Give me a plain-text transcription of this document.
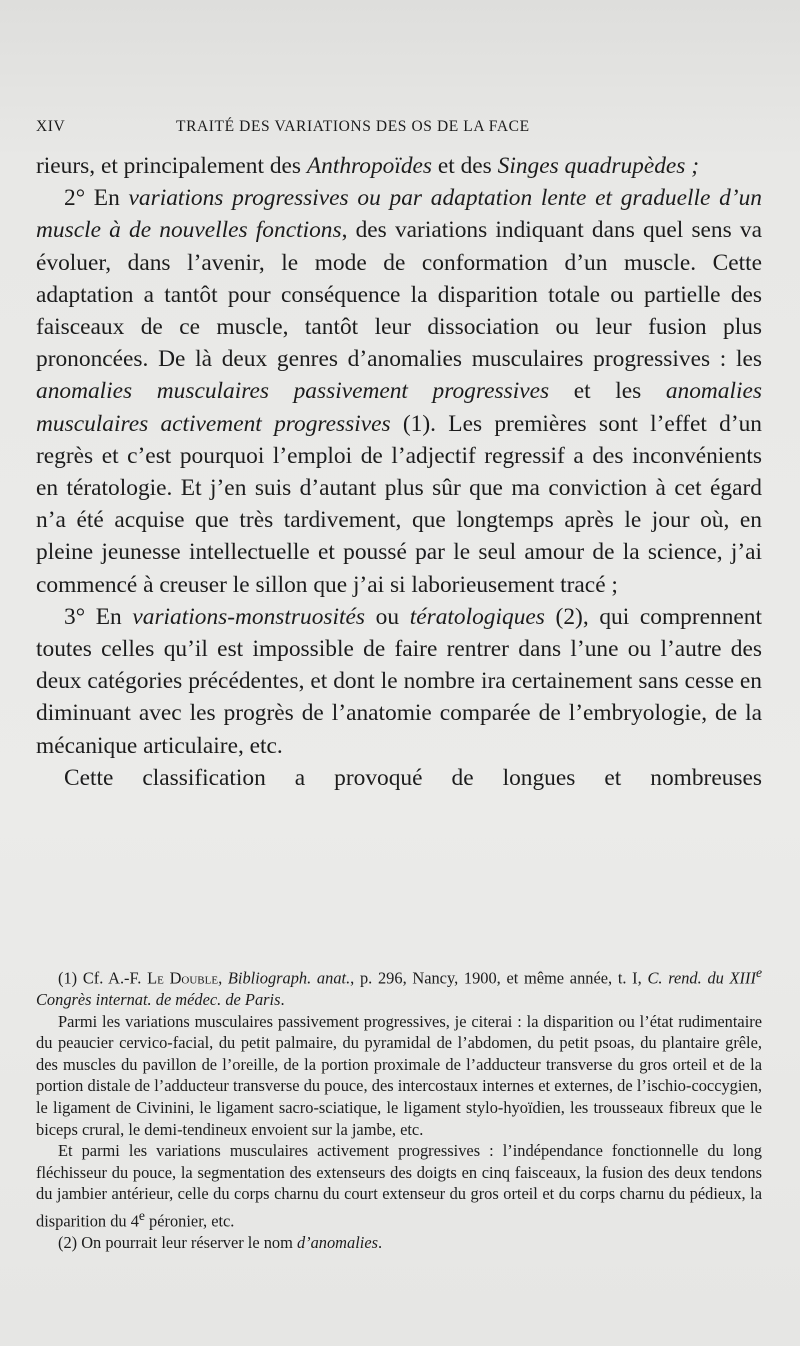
XIV	TRAITÉ DES VARIATIONS DES OS DE LA FACE

rieurs, et principalement des Anthropoïdes et des Singes quadrupèdes ;

2° En variations progressives ou par adaptation lente et graduelle d’un muscle à de nouvelles fonctions, des variations indiquant dans quel sens va évoluer, dans l’avenir, le mode de conformation d’un muscle. Cette adaptation a tantôt pour conséquence la disparition totale ou partielle des faisceaux de ce muscle, tantôt leur dissociation ou leur fusion plus prononcées. De là deux genres d’anomalies musculaires progressives : les anomalies musculaires passivement progressives et les anomalies musculaires activement progressives (1). Les premières sont l’effet d’un regrès et c’est pourquoi l’emploi de l’adjectif regressif a des inconvénients en tératologie. Et j’en suis d’autant plus sûr que ma conviction à cet égard n’a été acquise que très tardivement, que longtemps après le jour où, en pleine jeunesse intellectuelle et poussé par le seul amour de la science, j’ai commencé à creuser le sillon que j’ai si laborieusement tracé ;

3° En variations-monstruosités ou tératologiques (2), qui comprennent toutes celles qu’il est impossible de faire rentrer dans l’une ou l’autre des deux catégories précédentes, et dont le nombre ira certainement sans cesse en diminuant avec les progrès de l’anatomie comparée de l’embryologie, de la mécanique articulaire, etc.

Cette classification a provoqué de longues et nombreuses

(1) Cf. A.-F. Le Double, Bibliograph. anat., p. 296, Nancy, 1900, et même année, t. I, C. rend. du XIIIe Congrès internat. de médec. de Paris.

Parmi les variations musculaires passivement progressives, je citerai : la disparition ou l’état rudimentaire du peaucier cervico-facial, du petit palmaire, du pyramidal de l’abdomen, du petit psoas, du plantaire grêle, des muscles du pavillon de l’oreille, de la portion proximale de l’adducteur transverse du gros orteil et de la portion distale de l’adducteur transverse du pouce, des intercostaux internes et externes, de l’ischio-coccygien, le ligament de Civinini, le ligament sacro-sciatique, le ligament stylo-hyoïdien, les trousseaux fibreux que le biceps crural, le demi-tendineux envoient sur la jambe, etc.

Et parmi les variations musculaires activement progressives : l’indépendance fonctionnelle du long fléchisseur du pouce, la segmentation des extenseurs des doigts en cinq faisceaux, la fusion des deux tendons du jambier antérieur, celle du corps charnu du court extenseur du gros orteil et du corps charnu du pédieux, la disparition du 4e péronier, etc.

(2) On pourrait leur réserver le nom d’anomalies.
